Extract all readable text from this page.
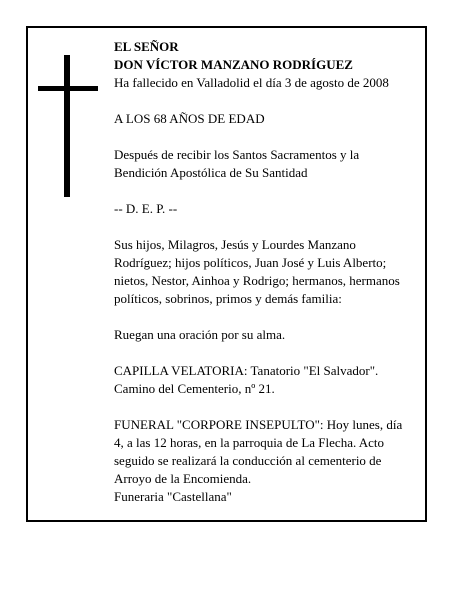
EL SEÑOR

DON VÍCTOR MANZANO RODRÍGUEZ

Ha fallecido en Valladolid el día 3 de agosto de 2008

A LOS 68 AÑOS DE EDAD

Después de recibir los Santos Sacramentos y la Bendición Apostólica de Su Santidad

-- D. E. P. --

Sus hijos, Milagros, Jesús y Lourdes Manzano Rodríguez; hijos políticos, Juan José y Luis Alberto; nietos, Nestor, Ainhoa y Rodrigo; hermanos, hermanos políticos, sobrinos, primos y demás familia:

Ruegan una oración por su alma.

CAPILLA VELATORIA: Tanatorio "El Salvador".

Camino del Cementerio, nº 21.

FUNERAL "CORPORE INSEPULTO": Hoy lunes, día 4, a las 12 horas, en la parroquia de La Flecha. Acto seguido se realizará la conducción al cementerio de Arroyo de la Encomienda.

Funeraria "Castellana"
